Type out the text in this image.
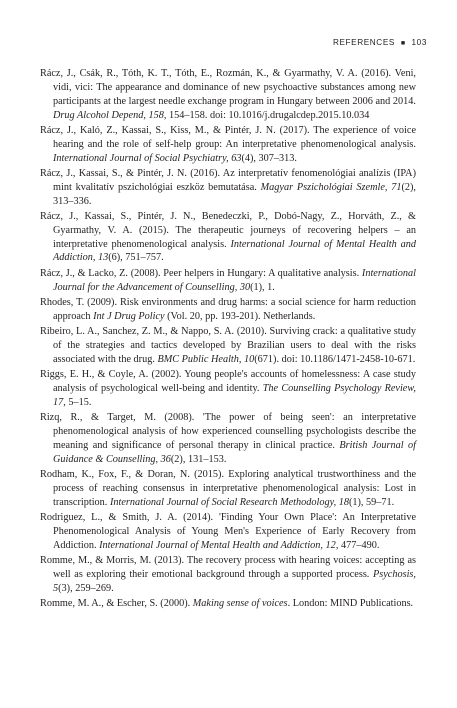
REFERENCES ■ 103

Rácz, J., Csák, R., Tóth, K. T., Tóth, E., Rozmán, K., & Gyarmathy, V. A. (2016). Veni, vidi, vici: The appearance and dominance of new psychoactive substances among new participants at the largest needle exchange program in Hungary between 2006 and 2014. Drug Alcohol Depend, 158, 154–158. doi: 10.1016/j.drugalcdep.2015.10.034

Rácz, J., Kaló, Z., Kassai, S., Kiss, M., & Pintér, J. N. (2017). The experience of voice hearing and the role of self-help group: An interpretative phenomenological analysis. International Journal of Social Psychiatry, 63(4), 307–313.

Rácz, J., Kassai, S., & Pintér, J. N. (2016). Az interpretatív fenomenológiai analízis (IPA) mint kvalitatív pszichológiai eszköz bemutatása. Magyar Pszichológiai Szemle, 71(2), 313–336.

Rácz, J., Kassai, S., Pintér, J. N., Benedeczki, P., Dobó-Nagy, Z., Horváth, Z., & Gyarmathy, V. A. (2015). The therapeutic journeys of recovering helpers – an interpretative phenomenological analysis. International Journal of Mental Health and Addiction, 13(6), 751–757.

Rácz, J., & Lacko, Z. (2008). Peer helpers in Hungary: A qualitative analysis. International Journal for the Advancement of Counselling, 30(1), 1.

Rhodes, T. (2009). Risk environments and drug harms: a social science for harm reduction approach Int J Drug Policy (Vol. 20, pp. 193-201). Netherlands.

Ribeiro, L. A., Sanchez, Z. M., & Nappo, S. A. (2010). Surviving crack: a qualitative study of the strategies and tactics developed by Brazilian users to deal with the risks associated with the drug. BMC Public Health, 10(671). doi: 10.1186/1471-2458-10-671.

Riggs, E. H., & Coyle, A. (2002). Young people's accounts of homelessness: A case study analysis of psychological well-being and identity. The Counselling Psychology Review, 17, 5–15.

Rizq, R., & Target, M. (2008). 'The power of being seen': an interpretative phenomenological analysis of how experienced counselling psychologists describe the meaning and significance of personal therapy in clinical practice. British Journal of Guidance & Counselling, 36(2), 131–153.

Rodham, K., Fox, F., & Doran, N. (2015). Exploring analytical trustworthiness and the process of reaching consensus in interpretative phenomenological analysis: Lost in transcription. International Journal of Social Research Methodology, 18(1), 59–71.

Rodriguez, L., & Smith, J. A. (2014). 'Finding Your Own Place': An Interpretative Phenomenological Analysis of Young Men's Experience of Early Recovery from Addiction. International Journal of Mental Health and Addiction, 12, 477–490.

Romme, M., & Morris, M. (2013). The recovery process with hearing voices: accepting as well as exploring their emotional background through a supported process. Psychosis, 5(3), 259–269.

Romme, M. A., & Escher, S. (2000). Making sense of voices. London: MIND Publications.
